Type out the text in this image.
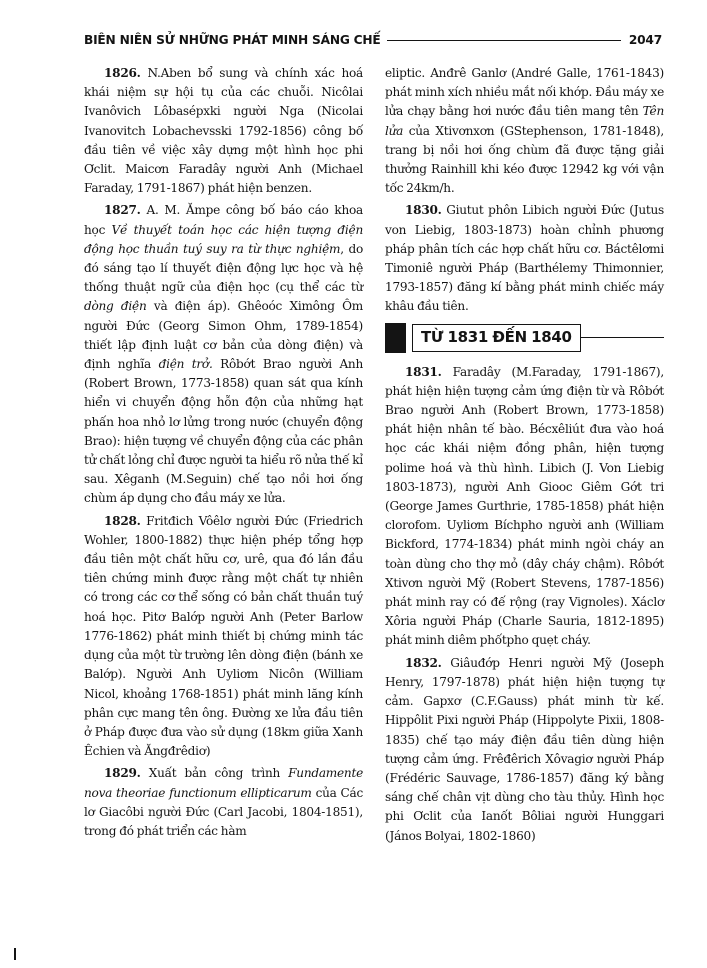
BIÊN NIÊN SỬ NHỮNG PHÁT MINH SÁNG CHẾ	2047

1826. N.Aben bổ sung và chính xác hoá khái niệm sự hội tụ của các chuỗi. Nicôlai Ivanôvich Lôbasépxki người Nga (Nicolai Ivanovitch Lobachevsski 1792-1856) công bố đầu tiên về việc xây dựng một hình học phi Ơclit. Maicơn Faradây người Anh (Michael Faraday, 1791-1867) phát hiện benzen.

1827. A. M. Ămpe công bố báo cáo khoa học Về thuyết toán học các hiện tượng điện động học thuần tuý suy ra từ thực nghiệm, do đó sáng tạo lí thuyết điện động lực học và hệ thống thuật ngữ của điện học (cụ thể các từ dòng điện và điện áp). Ghêoóc Ximông Ôm người Đức (Georg Simon Ohm, 1789-1854) thiết lập định luật cơ bản của dòng điện) và định nghĩa điện trở. Rôbớt Brao người Anh (Robert Brown, 1773-1858) quan sát qua kính hiển vi chuyển động hỗn độn của những hạt phấn hoa nhỏ lơ lửng trong nước (chuyển động Brao): hiện tượng về chuyển động của các phân tử chất lỏng chỉ được người ta hiểu rõ nửa thế kỉ sau. Xêganh (M.Seguin) chế tạo nồi hơi ống chùm áp dụng cho đầu máy xe lửa.

1828. Fritđich Vôêlơ người Đức (Friedrich Wohler, 1800-1882) thực hiện phép tổng hợp đầu tiên một chất hữu cơ, urê, qua đó lần đầu tiên chứng minh được rằng một chất tự nhiên có trong các cơ thể sống có bản chất thuần tuý hoá học. Pitơ Balớp người Anh (Peter Barlow 1776-1862) phát minh thiết bị chứng minh tác dụng của một từ trường lên dòng điện (bánh xe Balớp). Người Anh Uyliơm Nicôn (William Nicol, khoảng 1768-1851) phát minh lăng kính phân cực mang tên ông. Đường xe lửa đầu tiên ở Pháp được đưa vào sử dụng (18km giữa Xanh Êchien và Ăngđrêdiơ)

1829. Xuất bản công trình Fundamente nova theoriae functionum ellipticarum của Các lơ Giacôbi người Đức (Carl Jacobi, 1804-1851), trong đó phát triển các hàm

eliptic. Anđrê Ganlơ (André Galle, 1761-1843) phát minh xích nhiều mắt nối khớp. Đầu máy xe lửa chạy bằng hơi nước đầu tiên mang tên Tên lửa của Xtivơnxơn (GStephenson, 1781-1848), trang bị nồi hơi ống chùm đã được tặng giải thưởng Rainhill khi kéo được 12942 kg với vận tốc 24km/h.

1830. Giutut phôn Libich người Đức (Jutus von Liebig, 1803-1873) hoàn chỉnh phương pháp phân tích các hợp chất hữu cơ. Báctêlơmi Timoniê người Pháp (Barthélemy Thimonnier, 1793-1857) đăng kí bằng phát minh chiếc máy khâu đầu tiên.

TỪ 1831 ĐẾN 1840

1831. Faradây (M.Faraday, 1791-1867), phát hiện hiện tượng cảm ứng điện từ và Rôbớt Brao người Anh (Robert Brown, 1773-1858) phát hiện nhân tế bào. Bécxêliút đưa vào hoá học các khái niệm đồng phân, hiện tượng polime hoá và thù hình. Libich (J. Von Liebig 1803-1873), người Anh Giooc Giêm Gớt tri (George James Gurthrie, 1785-1858) phát hiện clorofom. Uyliơm Bíchpho người anh (William Bickford, 1774-1834) phát minh ngòi cháy an toàn dùng cho thợ mỏ (dây cháy chậm). Rôbớt Xtivơn người Mỹ (Robert Stevens, 1787-1856) phát minh ray có đế rộng (ray Vignoles). Xáclơ Xôria người Pháp (Charle Sauria, 1812-1895) phát minh diêm phốtpho quẹt cháy.

1832. Giâuđớp Henri người Mỹ (Joseph Henry, 1797-1878) phát hiện hiện tượng tự cảm. Gapxơ (C.F.Gauss) phát minh từ kế. Hippôlit Pixi người Pháp (Hippolyte Pixii, 1808-1835) chế tạo máy điện đầu tiên dùng hiện tượng cảm ứng. Frêđêrich Xôvagiơ người Pháp (Frédéric Sauvage, 1786-1857) đăng ký bằng sáng chế chân vịt dùng cho tàu thủy. Hình học phi Ơclit của Ianốt Bôliai người Hunggari (János Bolyai, 1802-1860)
